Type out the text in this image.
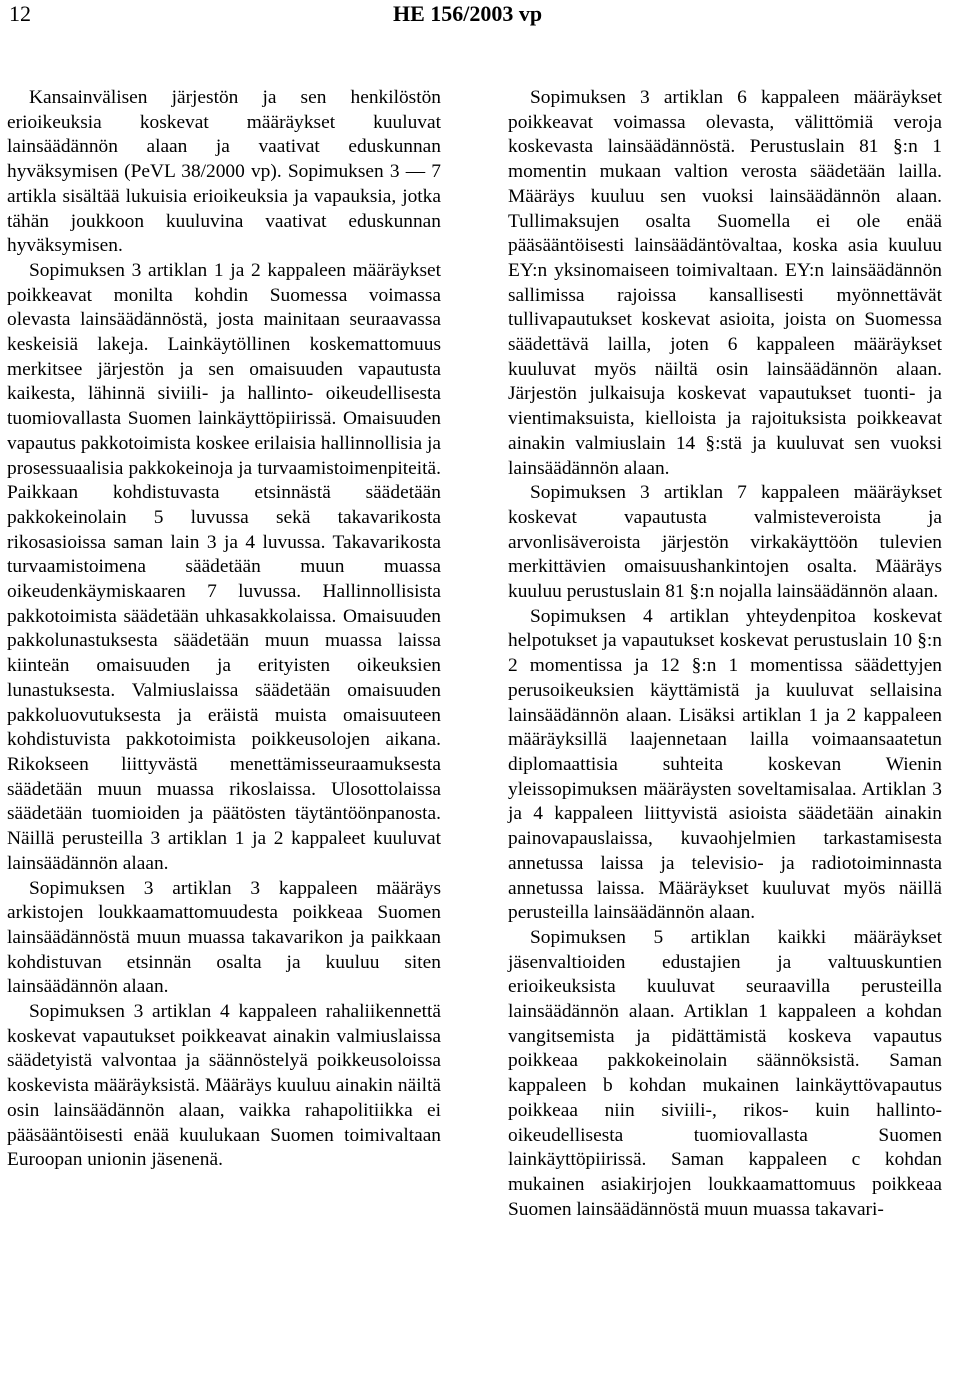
12	HE 156/2003 vp

Kansainvälisen järjestön ja sen henkilöstön erioikeuksia koskevat määräykset kuuluvat lainsäädännön alaan ja vaativat eduskunnan hyväksymisen (PeVL 38/2000 vp). Sopimuksen 3 — 7 artikla sisältää lukuisia erioikeuksia ja vapauksia, jotka tähän joukkoon kuuluvina vaativat eduskunnan hyväksymisen.

Sopimuksen 3 artiklan 1 ja 2 kappaleen määräykset poikkeavat monilta kohdin Suomessa voimassa olevasta lainsäädännöstä, josta mainitaan seuraavassa keskeisiä lakeja. Lainkäytöllinen koskemattomuus merkitsee järjestön ja sen omaisuuden vapautusta kaikesta, lähinnä siviili- ja hallinto- oikeudellisesta tuomiovallasta Suomen lainkäyttöpiirissä. Omaisuuden vapautus pakkotoimista koskee erilaisia hallinnollisia ja prosessuaalisia pakkokeinoja ja turvaamistoimenpiteitä. Paikkaan kohdistuvasta etsinnästä säädetään pakkokeinolain 5 luvussa sekä takavarikosta rikosasioissa saman lain 3 ja 4 luvussa. Takavarikosta turvaamistoimena säädetään muun muassa oikeudenkäymiskaaren 7 luvussa. Hallinnollisista pakkotoimista säädetään uhkasakkolaissa. Omaisuuden pakkolunastuksesta säädetään muun muassa laissa kiinteän omaisuuden ja erityisten oikeuksien lunastuksesta. Valmiuslaissa säädetään omaisuuden pakkoluovutuksesta ja eräistä muista omaisuuteen kohdistuvista pakkotoimista poikkeusolojen aikana. Rikokseen liittyvästä menettämisseuraamuksesta säädetään muun muassa rikoslaissa. Ulosottolaissa säädetään tuomioiden ja päätösten täytäntöönpanosta. Näillä perusteilla 3 artiklan 1 ja 2 kappaleet kuuluvat lainsäädännön alaan.

Sopimuksen 3 artiklan 3 kappaleen määräys arkistojen loukkaamattomuudesta poikkeaa Suomen lainsäädännöstä muun muassa takavarikon ja paikkaan kohdistuvan etsinnän osalta ja kuuluu siten lainsäädännön alaan.

Sopimuksen 3 artiklan 4 kappaleen rahaliikennettä koskevat vapautukset poikkeavat ainakin valmiuslaissa säädetyistä valvontaa ja säännöstelyä poikkeusoloissa koskevista määräyksistä. Määräys kuuluu ainakin näiltä osin lainsäädännön alaan, vaikka rahapolitiikka ei pääsääntöisesti enää kuulukaan Suomen toimivaltaan Euroopan unionin jäsenenä.

Sopimuksen 3 artiklan 6 kappaleen määräykset poikkeavat voimassa olevasta, välittömiä veroja koskevasta lainsäädännöstä. Perustuslain 81 §:n 1 momentin mukaan valtion verosta säädetään lailla. Määräys kuuluu sen vuoksi lainsäädännön alaan. Tullimaksujen osalta Suomella ei ole enää pääsääntöisesti lainsäädäntövaltaa, koska asia kuuluu EY:n yksinomaiseen toimivaltaan. EY:n lainsäädännön sallimissa rajoissa kansallisesti myönnettävät tullivapautukset koskevat asioita, joista on Suomessa säädettävä lailla, joten 6 kappaleen määräykset kuuluvat myös näiltä osin lainsäädännön alaan. Järjestön julkaisuja koskevat vapautukset tuonti- ja vientimaksuista, kielloista ja rajoituksista poikkeavat ainakin valmiuslain 14 §:stä ja kuuluvat sen vuoksi lainsäädännön alaan.

Sopimuksen 3 artiklan 7 kappaleen määräykset koskevat vapautusta valmisteveroista ja arvonlisäveroista järjestön virkakäyttöön tulevien merkittävien omaisuushankintojen osalta. Määräys kuuluu perustuslain 81 §:n nojalla lainsäädännön alaan.

Sopimuksen 4 artiklan yhteydenpitoa koskevat helpotukset ja vapautukset koskevat perustuslain 10 §:n 2 momentissa ja 12 §:n 1 momentissa säädettyjen perusoikeuksien käyttämistä ja kuuluvat sellaisina lainsäädännön alaan. Lisäksi artiklan 1 ja 2 kappaleen määräyksillä laajennetaan lailla voimaansaatetun diplomaattisia suhteita koskevan Wienin yleissopimuksen määräysten soveltamisalaa. Artiklan 3 ja 4 kappaleen liittyvistä asioista säädetään ainakin painovapauslaissa, kuvaohjelmien tarkastamisesta annetussa laissa ja televisio- ja radiotoiminnasta annetussa laissa. Määräykset kuuluvat myös näillä perusteilla lainsäädännön alaan.

Sopimuksen 5 artiklan kaikki määräykset jäsenvaltioiden edustajien ja valtuuskuntien erioikeuksista kuuluvat seuraavilla perusteilla lainsäädännön alaan. Artiklan 1 kappaleen a kohdan vangitsemista ja pidättämistä koskeva vapautus poikkeaa pakkokeinolain säännöksistä. Saman kappaleen b kohdan mukainen lainkäyttövapautus poikkeaa niin siviili-, rikos- kuin hallinto-oikeudellisesta tuomiovallasta Suomen lainkäyttöpiirissä. Saman kappaleen c kohdan mukainen asiakirjojen loukkaamattomuus poikkeaa Suomen lainsäädännöstä muun muassa takavari-
